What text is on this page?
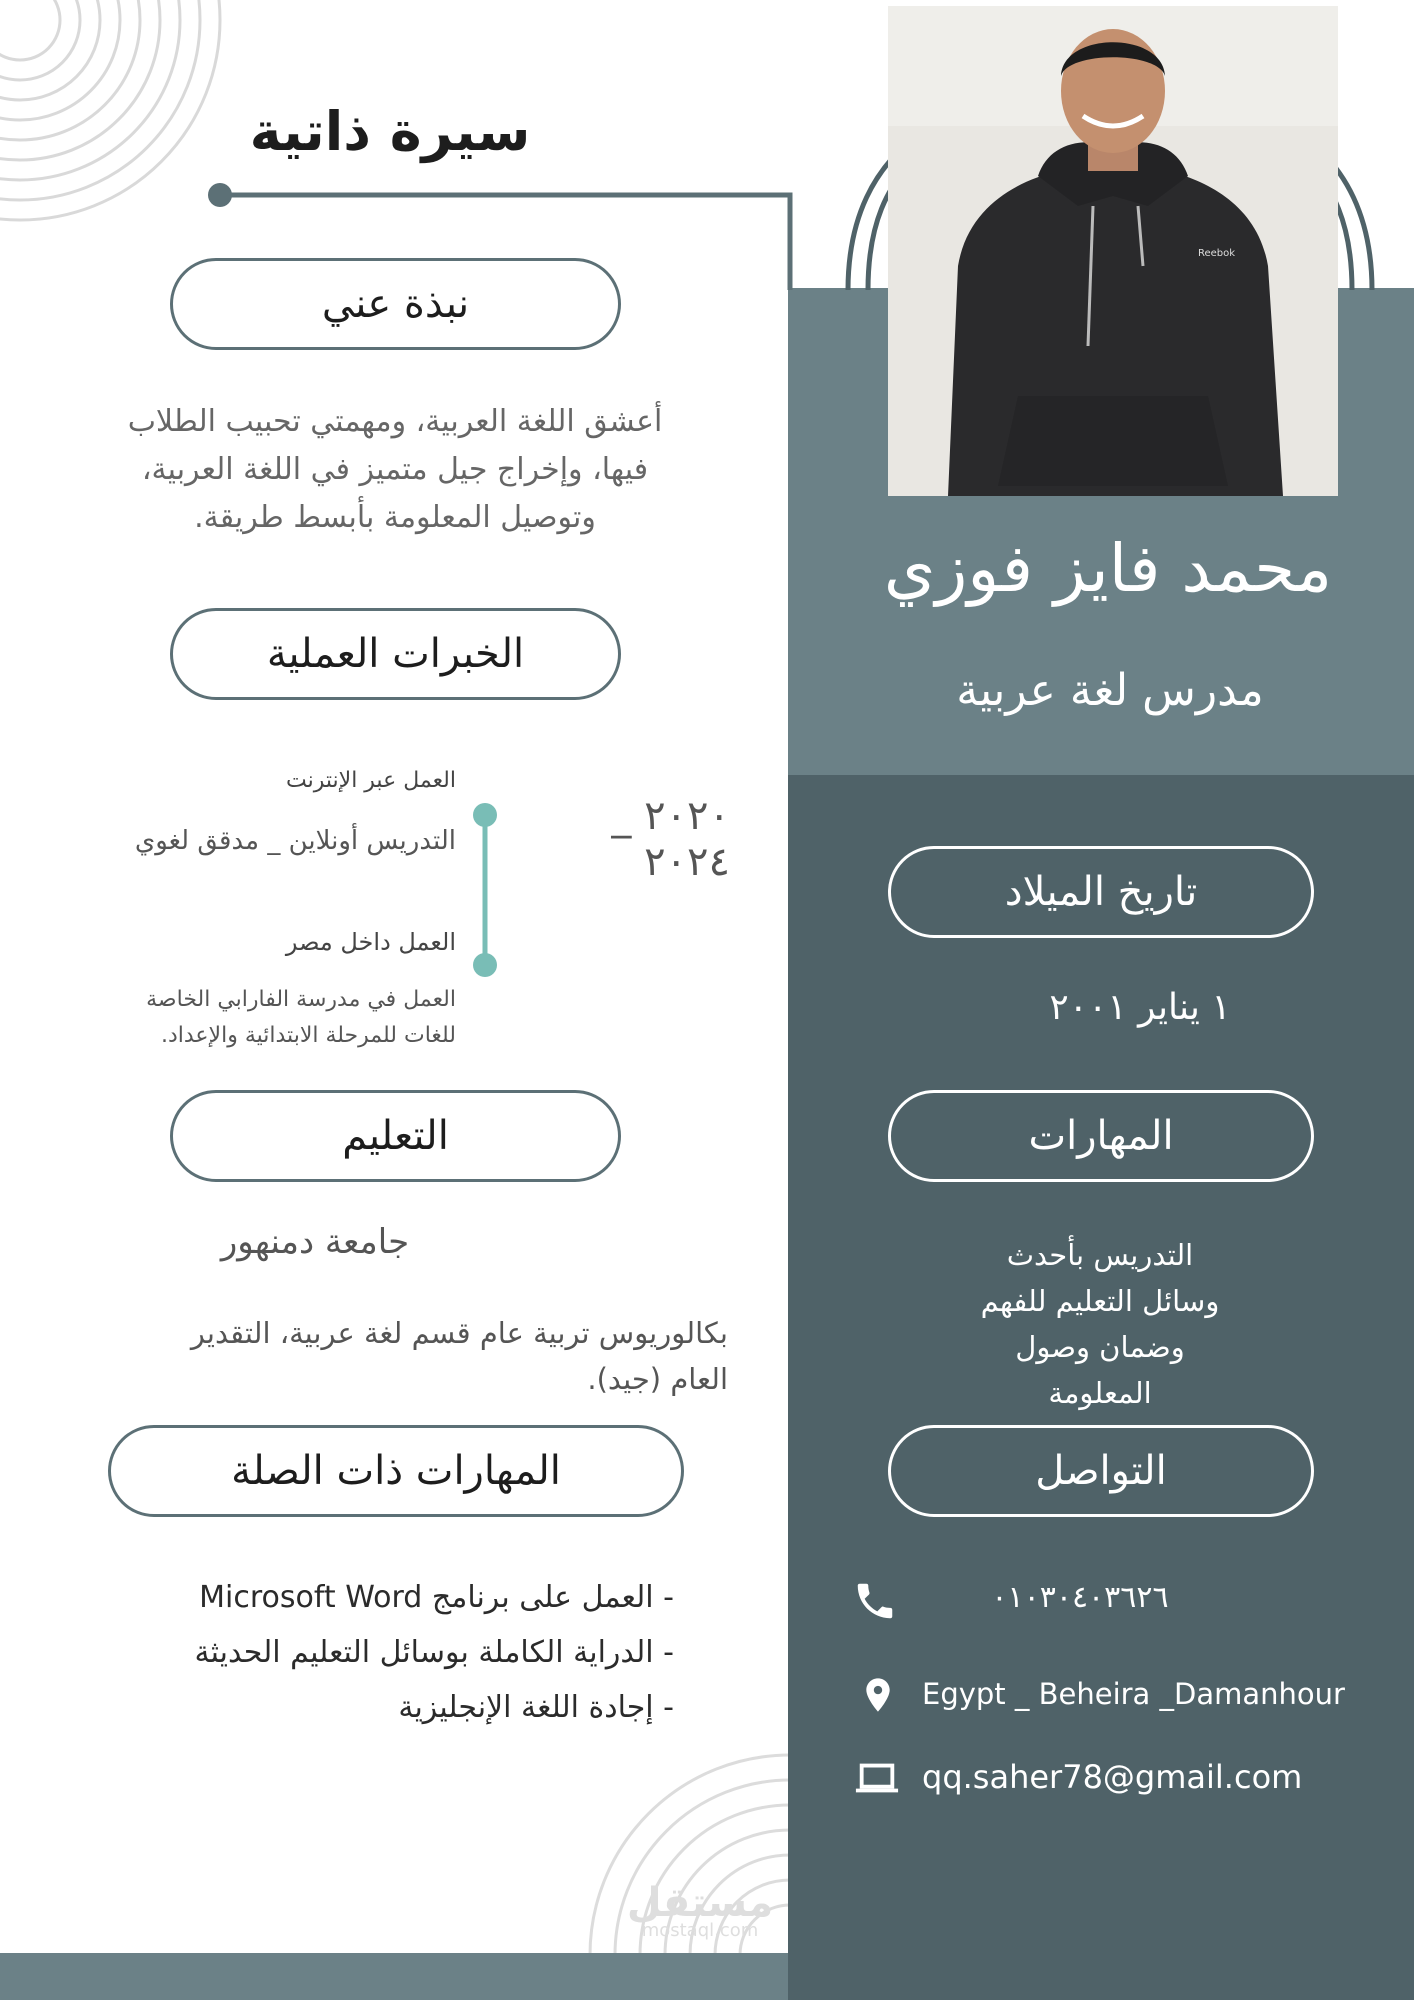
Reebok
سيرة ذاتية
نبذة عني
أعشق اللغة العربية، ومهمتي تحبيب الطلاب
فيها، وإخراج جيل متميز في اللغة العربية،
وتوصيل المعلومة بأبسط طريقة.
الخبرات العملية
٢٠٢٠ _ ٢٠٢٤
العمل عبر الإنترنت
التدريس أونلاين _ مدقق لغوي
العمل داخل مصر
العمل في مدرسة الفارابي الخاصة
للغات للمرحلة الابتدائية والإعداد.
التعليم
جامعة دمنهور
بكالوريوس تربية عام قسم لغة عربية، التقدير
العام (جيد).
المهارات ذات الصلة
- العمل على برنامج Microsoft Word
- الدراية الكاملة بوسائل التعليم الحديثة
- إجادة اللغة الإنجليزية
محمد فايز فوزي
مدرس لغة عربية
تاريخ الميلاد
١ يناير ٢٠٠١
المهارات
التدريس بأحدث
وسائل التعليم للفهم
وضمان وصول
المعلومة
التواصل
٠١٠٣٠٤٠٣٦٢٦
Egypt _ Beheira _Damanhour
qq.saher78@gmail.com
مستقل
mostaql.com
